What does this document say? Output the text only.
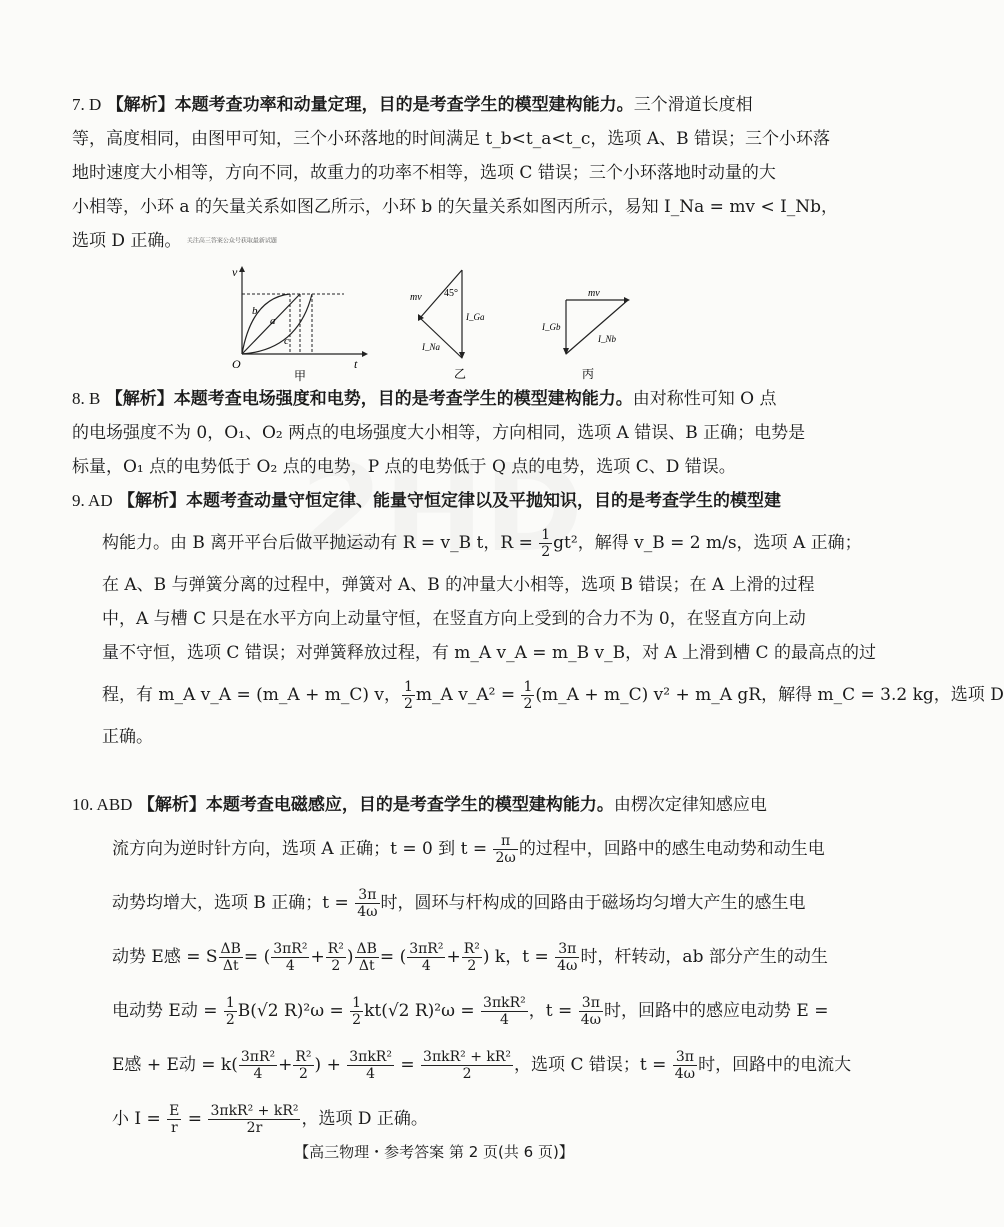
7. D 【解析】本题考查功率和动量定理，目的是考查学生的模型建构能力。三个滑道长度相
等，高度相同，由图甲可知，三个小环落地的时间满足 t_b<t_a<t_c，选项 A、B 错误；三个小环落
地时速度大小相等，方向不同，故重力的功率不相等，选项 C 错误；三个小环落地时动量的大
小相等，小环 a 的矢量关系如图乙所示，小环 b 的矢量关系如图丙所示，易知 I_Na = mv < I_Nb，
选项 D 正确。 关注高三答案公众号获取最新试题
v
t
O
b
a
c
甲
mv 45°
I_Ga
I_Na
乙
mv
I_Gb
I_Nb
丙
8. B 【解析】本题考查电场强度和电势，目的是考查学生的模型建构能力。由对称性可知 O 点
的电场强度不为 0，O₁、O₂ 两点的电场强度大小相等，方向相同，选项 A 错误、B 正确；电势是
标量，O₁ 点的电势低于 O₂ 点的电势，P 点的电势低于 Q 点的电势，选项 C、D 错误。
9. AD 【解析】本题考查动量守恒定律、能量守恒定律以及平抛知识，目的是考查学生的模型建
构能力。由 B 离开平台后做平抛运动有 R = v_B t，$R = \frac{1}{2} gt^2$，解得 v_B = 2 m/s，选项 A 正确；
在 A、B 与弹簧分离的过程中，弹簧对 A、B 的冲量大小相等，选项 B 错误；在 A 上滑的过程
中，A 与槽 C 只是在水平方向上动量守恒，在竖直方向上受到的合力不为 0，在竖直方向上动
量不守恒，选项 C 错误；对弹簧释放过程，有 m_A v_A = m_B v_B，对 A 上滑到槽 C 的最高点的过
程，有 m_A v_A = (m_A + m_C) v， $\frac{1}{2}$ m_A v_A² = $\frac{1}{2}$ (m_A + m_C) v² + m_A gR，解得 m_C = 3.2 kg，选项 D
正确。
10. ABD 【解析】本题考查电磁感应，目的是考查学生的模型建构能力。由楞次定律知感应电
流方向为逆时针方向，选项 A 正确；t = 0 到 $t = \frac{\pi}{2\omega}$ 的过程中，回路中的感生电动势和动生电
动势均增大，选项 B 正确；$t = \frac{3\pi}{4\omega}$ 时，圆环与杆构成的回路由于磁场均匀增大产生的感生电
动势 E感 = S $\frac{\Delta B}{\Delta t}$ = ( $\frac{\text{3πR²}}{4} + \frac{\text{R²}}{2}$ ) $\frac{\Delta B}{\Delta t}$ = ( $\frac{\text{3πR²}}{4} + \frac{\text{R²}}{2}$ ) k，$t = \frac{3\pi}{4\omega}$ 时，杆转动，ab 部分产生的动生
电动势 E动 = $\frac{1}{2} B(√2$ $R)^2\omega = \frac{1}{2} kt(√2$ R)²ω = 3πkR²
4	，$t = \frac{3\pi}{4\omega}$ 时，回路中的感应电动势 E =
E感 + E动 = $k( \frac{\text{3πR²}}{4} + \frac{\text{R²}}{2}$ ) + 3πkR²
4	= 3πkR² + kR²
2	，选项 C 错误；$t = \frac{3\pi}{4\omega}$ 时，回路中的电流大
小 $I = \frac{E}{r} = 3\pi kR^2 + kR^2$
2r	，选项 D 正确。
【高三物理・参考答案 第 2 页(共 6 页)】
